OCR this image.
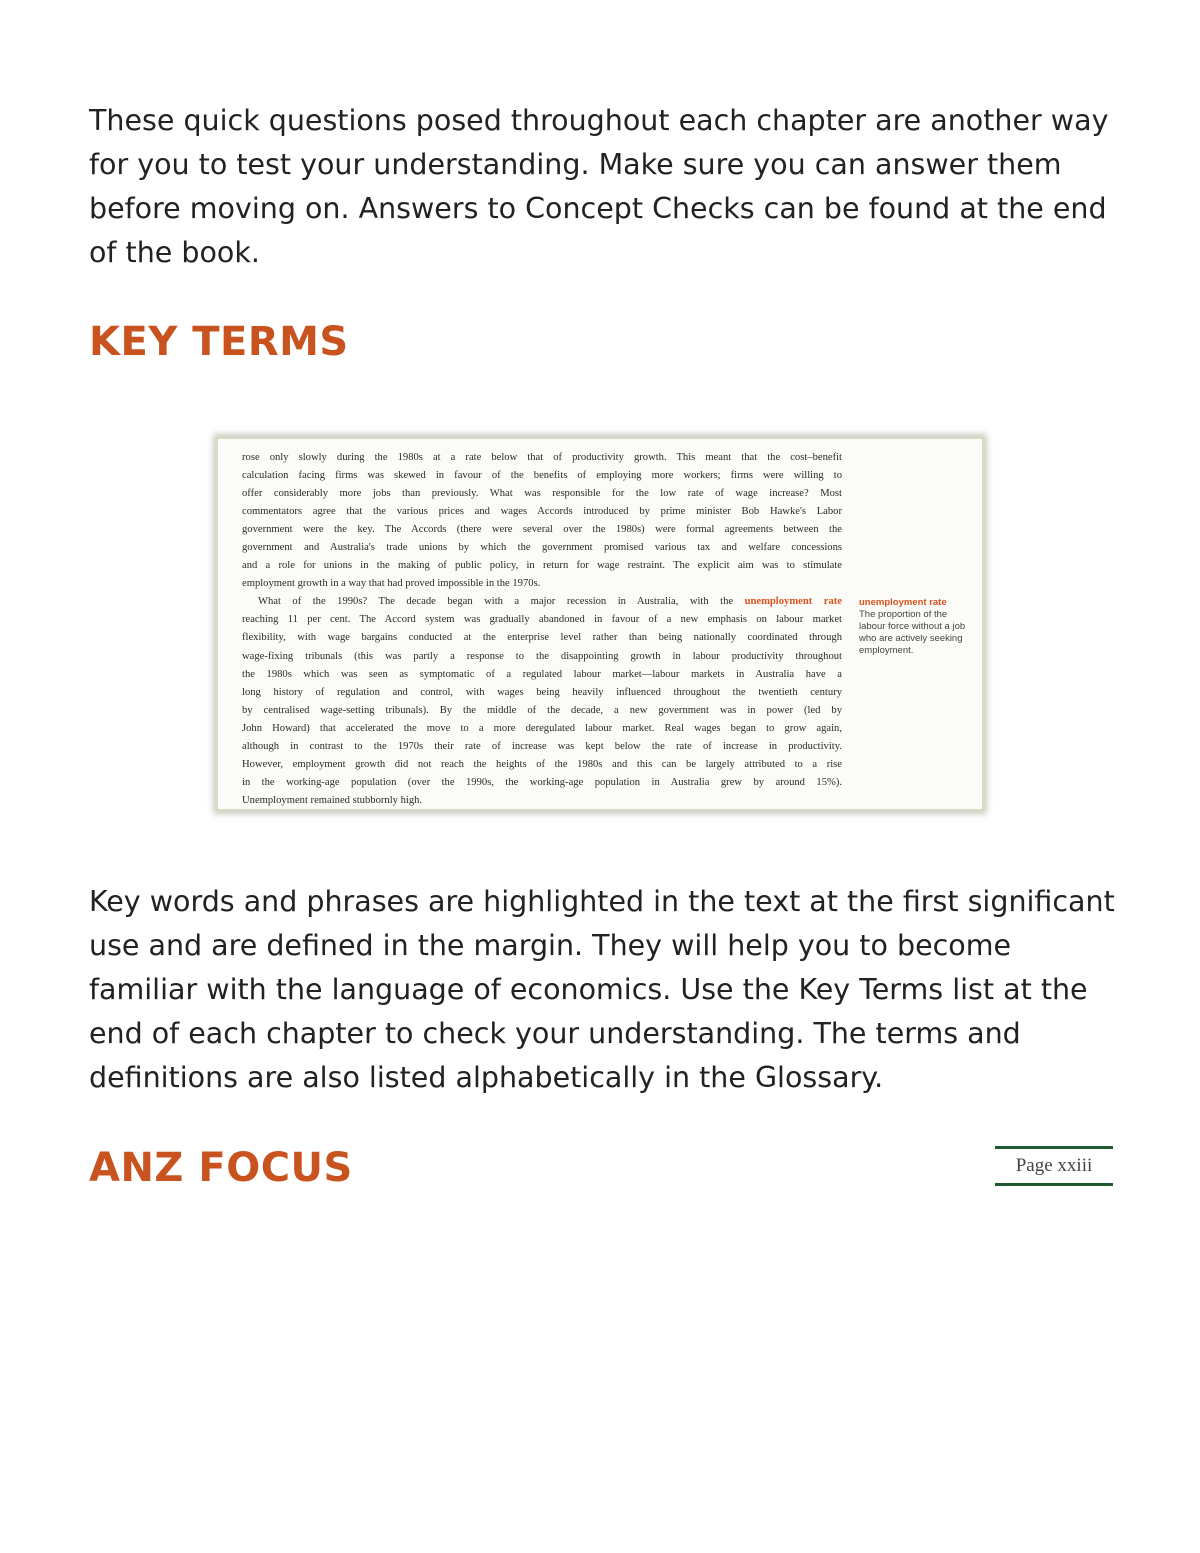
These quick questions posed throughout each chapter are another way for you to test your understanding. Make sure you can answer them before moving on. Answers to Concept Checks can be found at the end of the book.

KEY TERMS
rose only slowly during the 1980s at a rate below that of productivity growth. This meant that the cost–benefit
calculation facing firms was skewed in favour of the benefits of employing more workers; firms were willing to
offer considerably more jobs than previously. What was responsible for the low rate of wage increase? Most
commentators agree that the various prices and wages Accords introduced by prime minister Bob Hawke's Labor
government were the key. The Accords (there were several over the 1980s) were formal agreements between the
government and Australia's trade unions by which the government promised various tax and welfare concessions
and a role for unions in the making of public policy, in return for wage restraint. The explicit aim was to stimulate
employment growth in a way that had proved impossible in the 1970s.
What of the 1990s? The decade began with a major recession in Australia, with the unemployment rate
reaching 11 per cent. The Accord system was gradually abandoned in favour of a new emphasis on labour market
flexibility, with wage bargains conducted at the enterprise level rather than being nationally coordinated through
wage-fixing tribunals (this was partly a response to the disappointing growth in labour productivity throughout
the 1980s which was seen as symptomatic of a regulated labour market—labour markets in Australia have a
long history of regulation and control, with wages being heavily influenced throughout the twentieth century
by centralised wage-setting tribunals). By the middle of the decade, a new government was in power (led by
John Howard) that accelerated the move to a more deregulated labour market. Real wages began to grow again,
although in contrast to the 1970s their rate of increase was kept below the rate of increase in productivity.
However, employment growth did not reach the heights of the 1980s and this can be largely attributed to a rise
in the working-age population (over the 1990s, the working-age population in Australia grew by around 15%).
Unemployment remained stubbornly high.
unemployment rate
The proportion of the labour force without a job who are actively seeking employment.

Key words and phrases are highlighted in the text at the first significant use and are defined in the margin. They will help you to become familiar with the language of economics. Use the Key Terms list at the end of each chapter to check your understanding. The terms and definitions are also listed alphabetically in the Glossary.

ANZ FOCUS	Page xxiii
